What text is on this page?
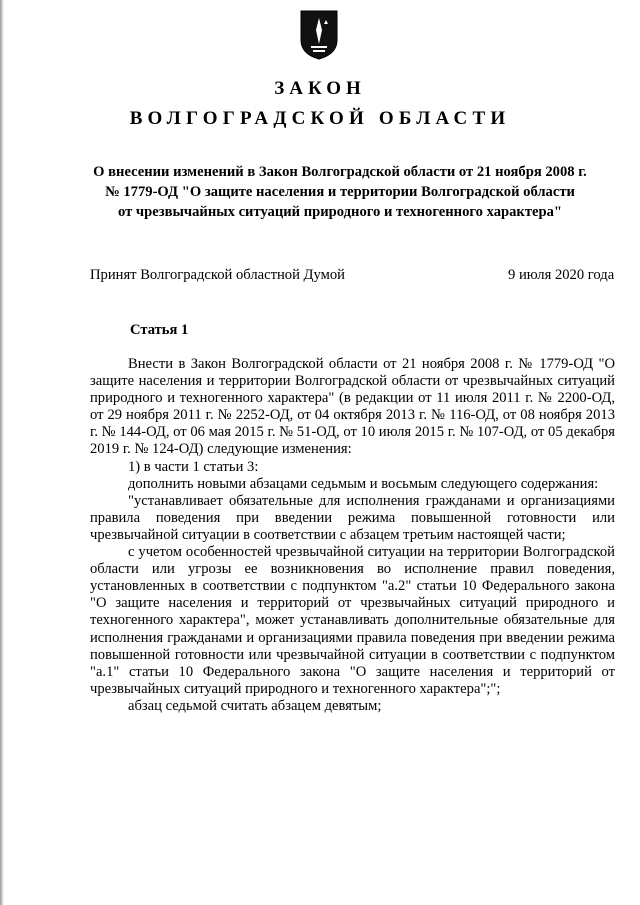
ЗАКОН
ВОЛГОГРАДСКОЙ ОБЛАСТИ
О внесении изменений в Закон Волгоградской области от 21 ноября 2008 г.
№ 1779-ОД "О защите населения и территории Волгоградской области
от чрезвычайных ситуаций природного и техногенного характера"
Принят Волгоградской областной Думой	9 июля 2020 года
Статья 1

Внести в Закон Волгоградской области от 21 ноября 2008 г. № 1779-ОД "О защите населения и территории Волгоградской области от чрезвычайных ситуаций природного и техногенного характера" (в редакции от 11 июля 2011 г. № 2200-ОД, от 29 ноября 2011 г. № 2252-ОД, от 04 октября 2013 г. № 116-ОД, от 08 ноября 2013 г. № 144-ОД, от 06 мая 2015 г. № 51-ОД, от 10 июля 2015 г. № 107-ОД, от 05 декабря 2019 г. № 124-ОД) следующие изменения:

1) в части 1 статьи 3:

дополнить новыми абзацами седьмым и восьмым следующего содержания:

"устанавливает обязательные для исполнения гражданами и организациями правила поведения при введении режима повышенной готовности или чрезвычайной ситуации в соответствии с абзацем третьим настоящей части;

с учетом особенностей чрезвычайной ситуации на территории Волгоградской области или угрозы ее возникновения во исполнение правил поведения, установленных в соответствии с подпунктом "а.2" статьи 10 Федерального закона "О защите населения и территорий от чрезвычайных ситуаций природного и техногенного характера", может устанавливать дополнительные обязательные для исполнения гражданами и организациями правила поведения при введении режима повышенной готовности или чрезвычайной ситуации в соответствии с подпунктом "а.1" статьи 10 Федерального закона "О защите населения и территорий от чрезвычайных ситуаций природного и техногенного характера";";

абзац седьмой считать абзацем девятым;
